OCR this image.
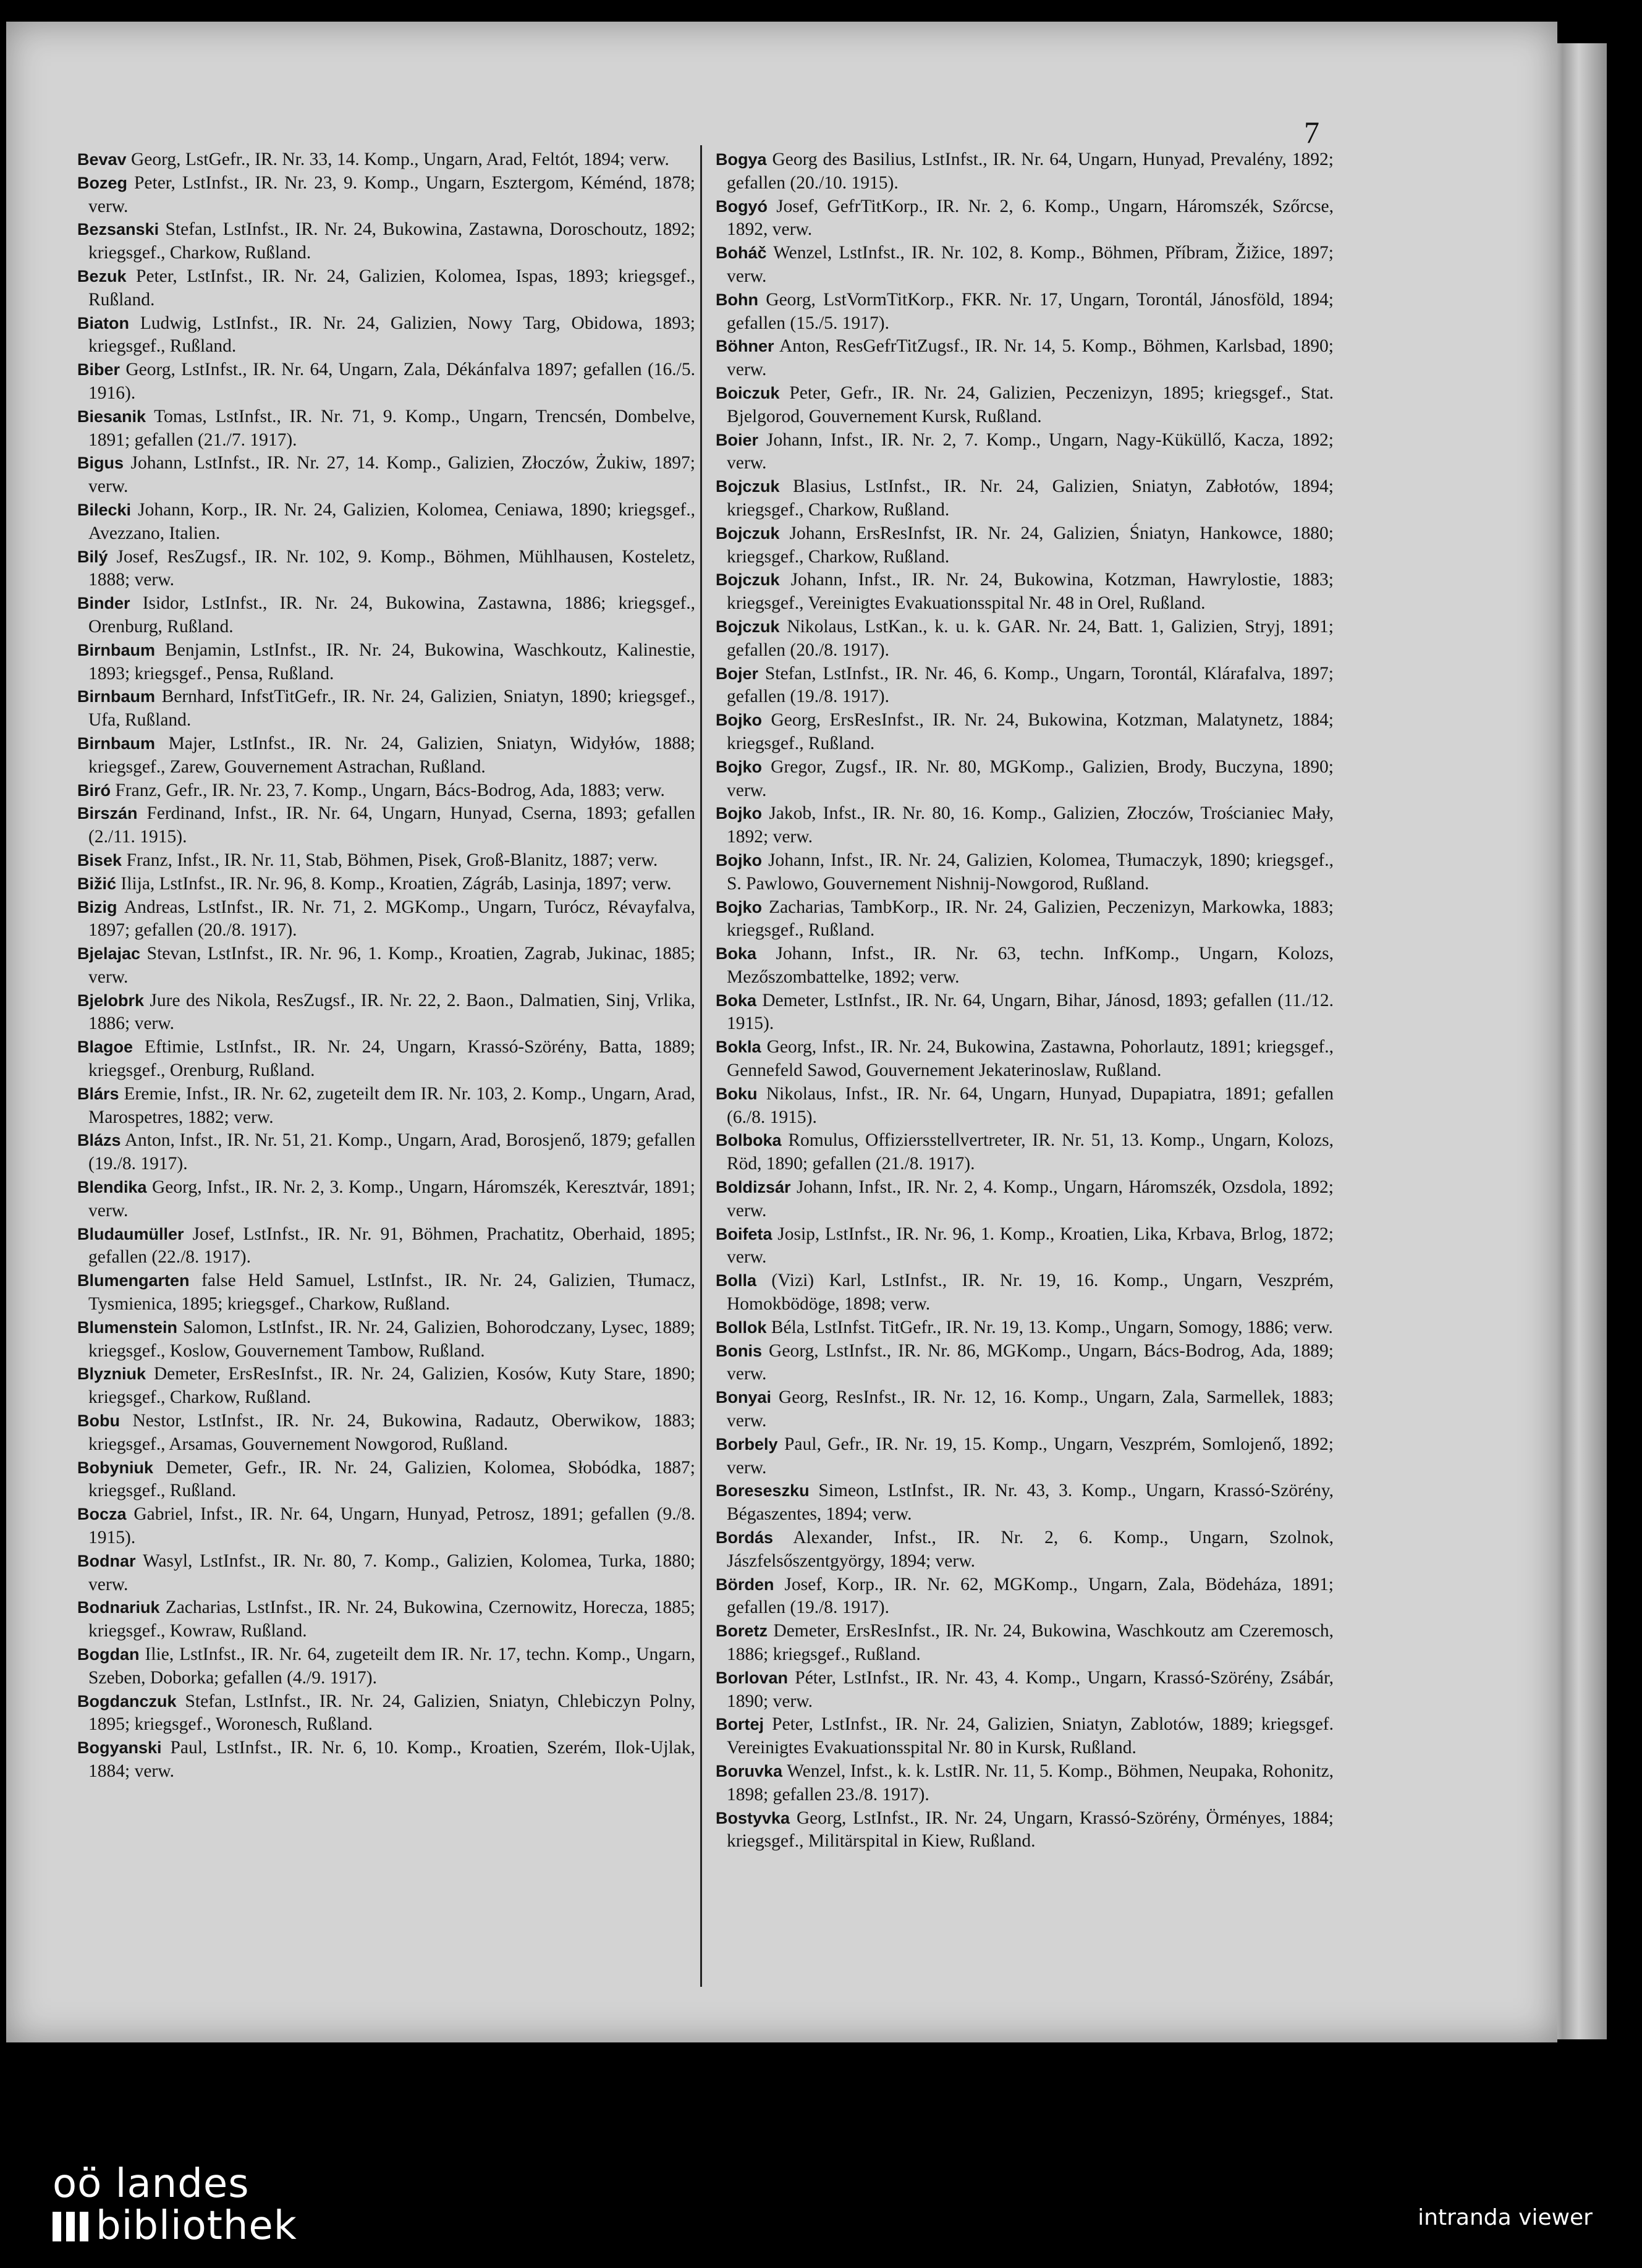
7

Bevav Georg, LstGefr., IR. Nr. 33, 14. Komp., Ungarn, Arad, Feltót, 1894; verw.

Bozeg Peter, LstInfst., IR. Nr. 23, 9. Komp., Ungarn, Esztergom, Kéménd, 1878; verw.

Bezsanski Stefan, LstInfst., IR. Nr. 24, Bukowina, Zastawna, Doroschoutz, 1892; kriegsgef., Charkow, Rußland.

Bezuk Peter, LstInfst., IR. Nr. 24, Galizien, Kolomea, Ispas, 1893; kriegsgef., Rußland.

Biaton Ludwig, LstInfst., IR. Nr. 24, Galizien, Nowy Targ, Obidowa, 1893; kriegsgef., Rußland.

Biber Georg, LstInfst., IR. Nr. 64, Ungarn, Zala, Dékánfalva 1897; gefallen (16./5. 1916).

Biesanik Tomas, LstInfst., IR. Nr. 71, 9. Komp., Ungarn, Trencsén, Dombelve, 1891; gefallen (21./7. 1917).

Bigus Johann, LstInfst., IR. Nr. 27, 14. Komp., Galizien, Złoczów, Żukiw, 1897; verw.

Bilecki Johann, Korp., IR. Nr. 24, Galizien, Kolomea, Ceniawa, 1890; kriegsgef., Avezzano, Italien.

Bilý Josef, ResZugsf., IR. Nr. 102, 9. Komp., Böhmen, Mühlhausen, Kosteletz, 1888; verw.

Binder Isidor, LstInfst., IR. Nr. 24, Bukowina, Zastawna, 1886; kriegsgef., Orenburg, Rußland.

Birnbaum Benjamin, LstInfst., IR. Nr. 24, Bukowina, Waschkoutz, Kalinestie, 1893; kriegsgef., Pensa, Rußland.

Birnbaum Bernhard, InfstTitGefr., IR. Nr. 24, Galizien, Sniatyn, 1890; kriegsgef., Ufa, Rußland.

Birnbaum Majer, LstInfst., IR. Nr. 24, Galizien, Sniatyn, Widyłów, 1888; kriegsgef., Zarew, Gouvernement Astrachan, Rußland.

Biró Franz, Gefr., IR. Nr. 23, 7. Komp., Ungarn, Bács-Bodrog, Ada, 1883; verw.

Birszán Ferdinand, Infst., IR. Nr. 64, Ungarn, Hunyad, Cserna, 1893; gefallen (2./11. 1915).

Bisek Franz, Infst., IR. Nr. 11, Stab, Böhmen, Pisek, Groß-Blanitz, 1887; verw.

Bižić Ilija, LstInfst., IR. Nr. 96, 8. Komp., Kroatien, Zágráb, Lasinja, 1897; verw.

Bizig Andreas, LstInfst., IR. Nr. 71, 2. MGKomp., Ungarn, Turócz, Révayfalva, 1897; gefallen (20./8. 1917).

Bjelajac Stevan, LstInfst., IR. Nr. 96, 1. Komp., Kroatien, Zagrab, Jukinac, 1885; verw.

Bjelobrk Jure des Nikola, ResZugsf., IR. Nr. 22, 2. Baon., Dalmatien, Sinj, Vrlika, 1886; verw.

Blagoe Eftimie, LstInfst., IR. Nr. 24, Ungarn, Krassó-Szörény, Batta, 1889; kriegsgef., Orenburg, Rußland.

Blárs Eremie, Infst., IR. Nr. 62, zugeteilt dem IR. Nr. 103, 2. Komp., Ungarn, Arad, Marospetres, 1882; verw.

Blázs Anton, Infst., IR. Nr. 51, 21. Komp., Ungarn, Arad, Borosjenő, 1879; gefallen (19./8. 1917).

Blendika Georg, Infst., IR. Nr. 2, 3. Komp., Ungarn, Háromszék, Keresztvár, 1891; verw.

Bludaumüller Josef, LstInfst., IR. Nr. 91, Böhmen, Prachatitz, Oberhaid, 1895; gefallen (22./8. 1917).

Blumengarten false Held Samuel, LstInfst., IR. Nr. 24, Galizien, Tłumacz, Tysmienica, 1895; kriegsgef., Charkow, Rußland.

Blumenstein Salomon, LstInfst., IR. Nr. 24, Galizien, Bohorodczany, Lysec, 1889; kriegsgef., Koslow, Gouvernement Tambow, Rußland.

Blyzniuk Demeter, ErsResInfst., IR. Nr. 24, Galizien, Kosów, Kuty Stare, 1890; kriegsgef., Charkow, Rußland.

Bobu Nestor, LstInfst., IR. Nr. 24, Bukowina, Radautz, Oberwikow, 1883; kriegsgef., Arsamas, Gouvernement Nowgorod, Rußland.

Bobyniuk Demeter, Gefr., IR. Nr. 24, Galizien, Kolomea, Słobódka, 1887; kriegsgef., Rußland.

Bocza Gabriel, Infst., IR. Nr. 64, Ungarn, Hunyad, Petrosz, 1891; gefallen (9./8. 1915).

Bodnar Wasyl, LstInfst., IR. Nr. 80, 7. Komp., Galizien, Kolomea, Turka, 1880; verw.

Bodnariuk Zacharias, LstInfst., IR. Nr. 24, Bukowina, Czernowitz, Horecza, 1885; kriegsgef., Kowraw, Rußland.

Bogdan Ilie, LstInfst., IR. Nr. 64, zugeteilt dem IR. Nr. 17, techn. Komp., Ungarn, Szeben, Doborka; gefallen (4./9. 1917).

Bogdanczuk Stefan, LstInfst., IR. Nr. 24, Galizien, Sniatyn, Chlebiczyn Polny, 1895; kriegsgef., Woronesch, Rußland.

Bogyanski Paul, LstInfst., IR. Nr. 6, 10. Komp., Kroatien, Szerém, Ilok-Ujlak, 1884; verw.

Bogya Georg des Basilius, LstInfst., IR. Nr. 64, Ungarn, Hunyad, Prevalény, 1892; gefallen (20./10. 1915).

Bogyó Josef, GefrTitKorp., IR. Nr. 2, 6. Komp., Ungarn, Háromszék, Szőrcse, 1892, verw.

Boháč Wenzel, LstInfst., IR. Nr. 102, 8. Komp., Böhmen, Příbram, Žižice, 1897; verw.

Bohn Georg, LstVormTitKorp., FKR. Nr. 17, Ungarn, Torontál, Jánosföld, 1894; gefallen (15./5. 1917).

Böhner Anton, ResGefrTitZugsf., IR. Nr. 14, 5. Komp., Böhmen, Karlsbad, 1890; verw.

Boiczuk Peter, Gefr., IR. Nr. 24, Galizien, Peczenizyn, 1895; kriegsgef., Stat. Bjelgorod, Gouvernement Kursk, Rußland.

Boier Johann, Infst., IR. Nr. 2, 7. Komp., Ungarn, Nagy-Küküllő, Kacza, 1892; verw.

Bojczuk Blasius, LstInfst., IR. Nr. 24, Galizien, Sniatyn, Zabłotów, 1894; kriegsgef., Charkow, Rußland.

Bojczuk Johann, ErsResInfst, IR. Nr. 24, Galizien, Śniatyn, Hankowce, 1880; kriegsgef., Charkow, Rußland.

Bojczuk Johann, Infst., IR. Nr. 24, Bukowina, Kotzman, Hawrylostie, 1883; kriegsgef., Vereinigtes Evakuationsspital Nr. 48 in Orel, Rußland.

Bojczuk Nikolaus, LstKan., k. u. k. GAR. Nr. 24, Batt. 1, Galizien, Stryj, 1891; gefallen (20./8. 1917).

Bojer Stefan, LstInfst., IR. Nr. 46, 6. Komp., Ungarn, Torontál, Klárafalva, 1897; gefallen (19./8. 1917).

Bojko Georg, ErsResInfst., IR. Nr. 24, Bukowina, Kotzman, Malatynetz, 1884; kriegsgef., Rußland.

Bojko Gregor, Zugsf., IR. Nr. 80, MGKomp., Galizien, Brody, Buczyna, 1890; verw.

Bojko Jakob, Infst., IR. Nr. 80, 16. Komp., Galizien, Złoczów, Trościaniec Mały, 1892; verw.

Bojko Johann, Infst., IR. Nr. 24, Galizien, Kolomea, Tłumaczyk, 1890; kriegsgef., S. Pawlowo, Gouvernement Nishnij-Nowgorod, Rußland.

Bojko Zacharias, TambKorp., IR. Nr. 24, Galizien, Peczenizyn, Markowka, 1883; kriegsgef., Rußland.

Boka Johann, Infst., IR. Nr. 63, techn. InfKomp., Ungarn, Kolozs, Mezőszombattelke, 1892; verw.

Boka Demeter, LstInfst., IR. Nr. 64, Ungarn, Bihar, Jánosd, 1893; gefallen (11./12. 1915).

Bokla Georg, Infst., IR. Nr. 24, Bukowina, Zastawna, Pohorlautz, 1891; kriegsgef., Gennefeld Sawod, Gouvernement Jekaterinoslaw, Rußland.

Boku Nikolaus, Infst., IR. Nr. 64, Ungarn, Hunyad, Dupapiatra, 1891; gefallen (6./8. 1915).

Bolboka Romulus, Offiziersstellvertreter, IR. Nr. 51, 13. Komp., Ungarn, Kolozs, Röd, 1890; gefallen (21./8. 1917).

Boldizsár Johann, Infst., IR. Nr. 2, 4. Komp., Ungarn, Háromszék, Ozsdola, 1892; verw.

Boifeta Josip, LstInfst., IR. Nr. 96, 1. Komp., Kroatien, Lika, Krbava, Brlog, 1872; verw.

Bolla (Vizi) Karl, LstInfst., IR. Nr. 19, 16. Komp., Ungarn, Veszprém, Homokbödöge, 1898; verw.

Bollok Béla, LstInfst. TitGefr., IR. Nr. 19, 13. Komp., Ungarn, Somogy, 1886; verw.

Bonis Georg, LstInfst., IR. Nr. 86, MGKomp., Ungarn, Bács-Bodrog, Ada, 1889; verw.

Bonyai Georg, ResInfst., IR. Nr. 12, 16. Komp., Ungarn, Zala, Sarmellek, 1883; verw.

Borbely Paul, Gefr., IR. Nr. 19, 15. Komp., Ungarn, Veszprém, Somlojenő, 1892; verw.

Boreseszku Simeon, LstInfst., IR. Nr. 43, 3. Komp., Ungarn, Krassó-Szörény, Bégaszentes, 1894; verw.

Bordás Alexander, Infst., IR. Nr. 2, 6. Komp., Ungarn, Szolnok, Jászfelsőszentgyörgy, 1894; verw.

Börden Josef, Korp., IR. Nr. 62, MGKomp., Ungarn, Zala, Bödeháza, 1891; gefallen (19./8. 1917).

Boretz Demeter, ErsResInfst., IR. Nr. 24, Bukowina, Waschkoutz am Czeremosch, 1886; kriegsgef., Rußland.

Borlovan Péter, LstInfst., IR. Nr. 43, 4. Komp., Ungarn, Krassó-Szörény, Zsábár, 1890; verw.

Bortej Peter, LstInfst., IR. Nr. 24, Galizien, Sniatyn, Zablotów, 1889; kriegsgef. Vereinigtes Evakuationsspital Nr. 80 in Kursk, Rußland.

Boruvka Wenzel, Infst., k. k. LstIR. Nr. 11, 5. Komp., Böhmen, Neupaka, Rohonitz, 1898; gefallen 23./8. 1917).

Bostyvka Georg, LstInfst., IR. Nr. 24, Ungarn, Krassó-Szörény, Örményes, 1884; kriegsgef., Militärspital in Kiew, Rußland.

oö landes
bibliothek	intranda viewer
